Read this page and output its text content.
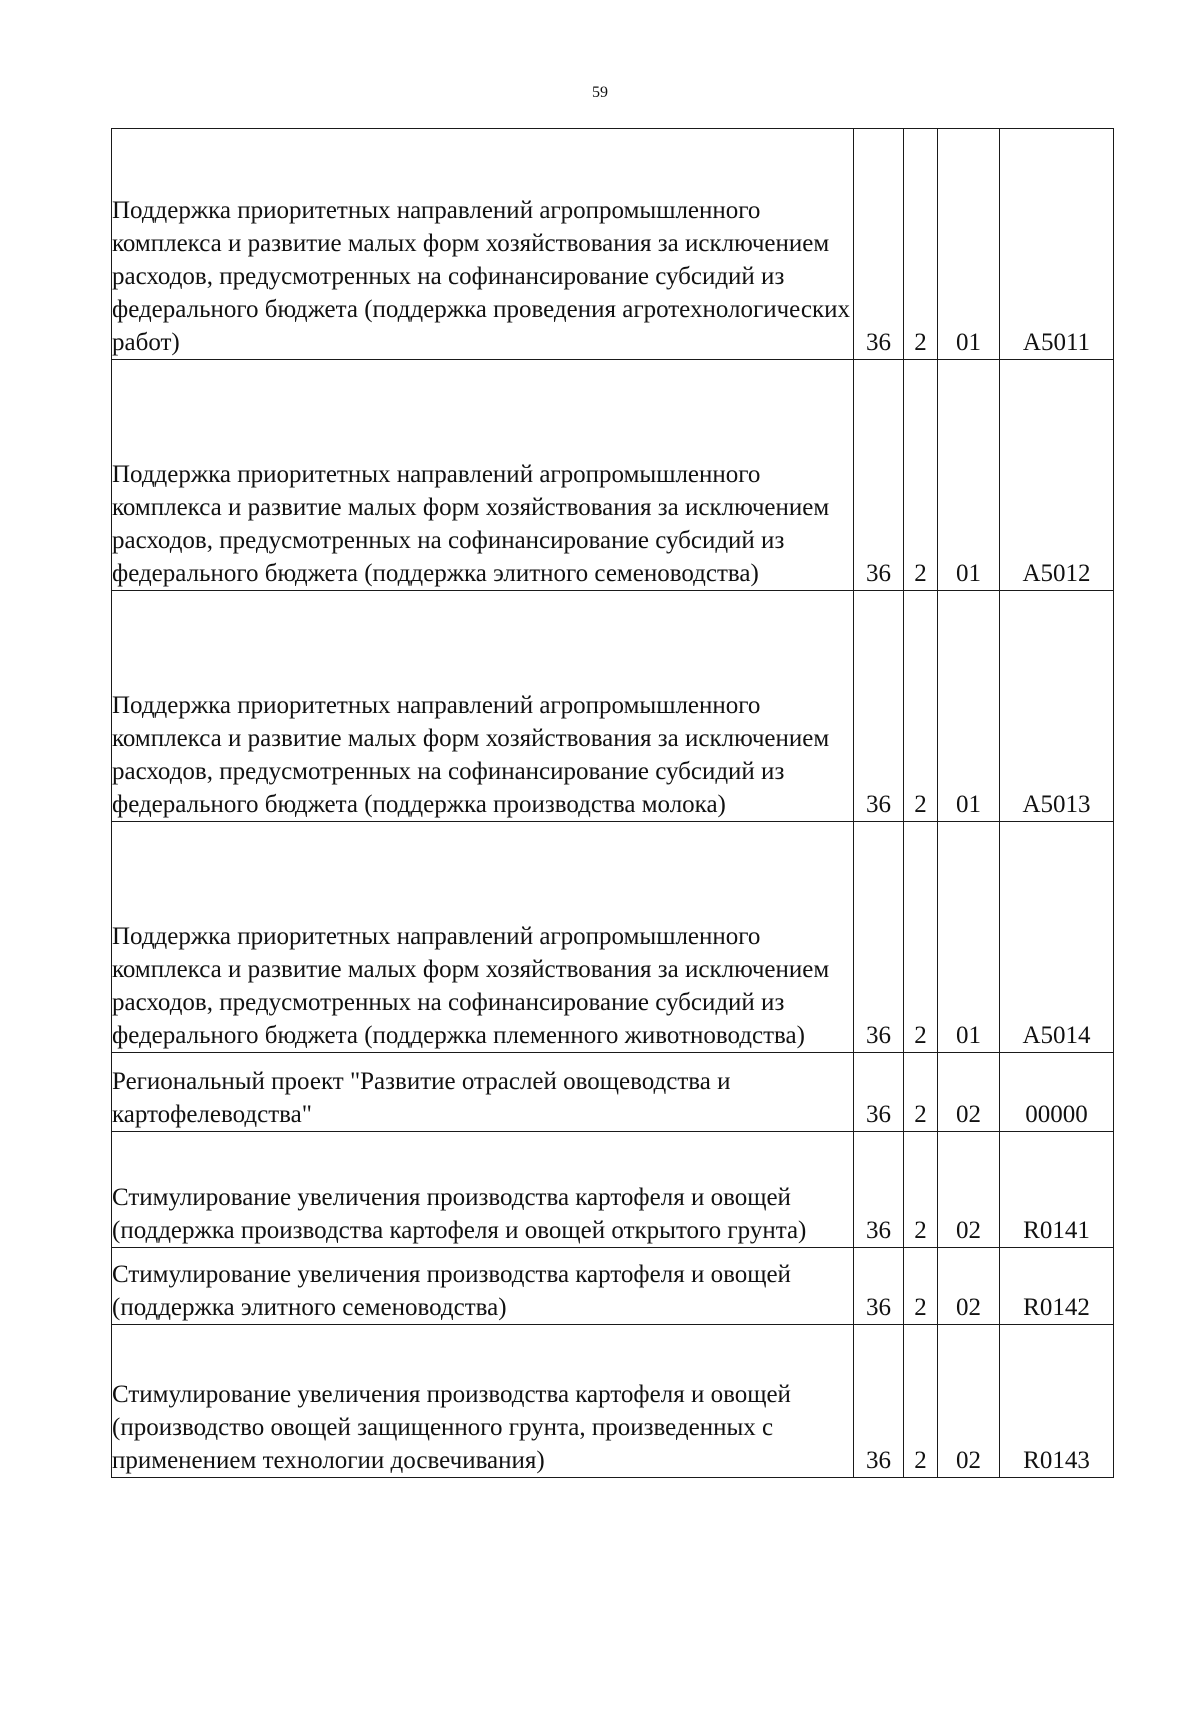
59
Поддержка приоритетных направлений агропромышленного комплекса и развитие малых форм хозяйствования за исключением расходов, предусмотренных на софинансирование субсидий из федерального бюджета (поддержка проведения агротехнологических работ)	36	2	01	A5011
Поддержка приоритетных направлений агропромышленного комплекса и развитие малых форм хозяйствования за исключением расходов, предусмотренных на софинансирование субсидий из федерального бюджета (поддержка элитного семеноводства)	36	2	01	A5012
Поддержка приоритетных направлений агропромышленного комплекса и развитие малых форм хозяйствования за исключением расходов, предусмотренных на софинансирование субсидий из федерального бюджета (поддержка производства молока)	36	2	01	A5013
Поддержка приоритетных направлений агропромышленного комплекса и развитие малых форм хозяйствования за исключением расходов, предусмотренных на софинансирование субсидий из федерального бюджета (поддержка племенного животноводства)	36	2	01	A5014
Региональный проект "Развитие отраслей овощеводства и картофелеводства"	36	2	02	00000
Стимулирование увеличения производства картофеля и овощей (поддержка производства картофеля и овощей открытого грунта)	36	2	02	R0141
Стимулирование увеличения производства картофеля и овощей (поддержка элитного семеноводства)	36	2	02	R0142
Стимулирование увеличения производства картофеля и овощей (производство овощей защищенного грунта, произведенных с применением технологии досвечивания)	36	2	02	R0143
